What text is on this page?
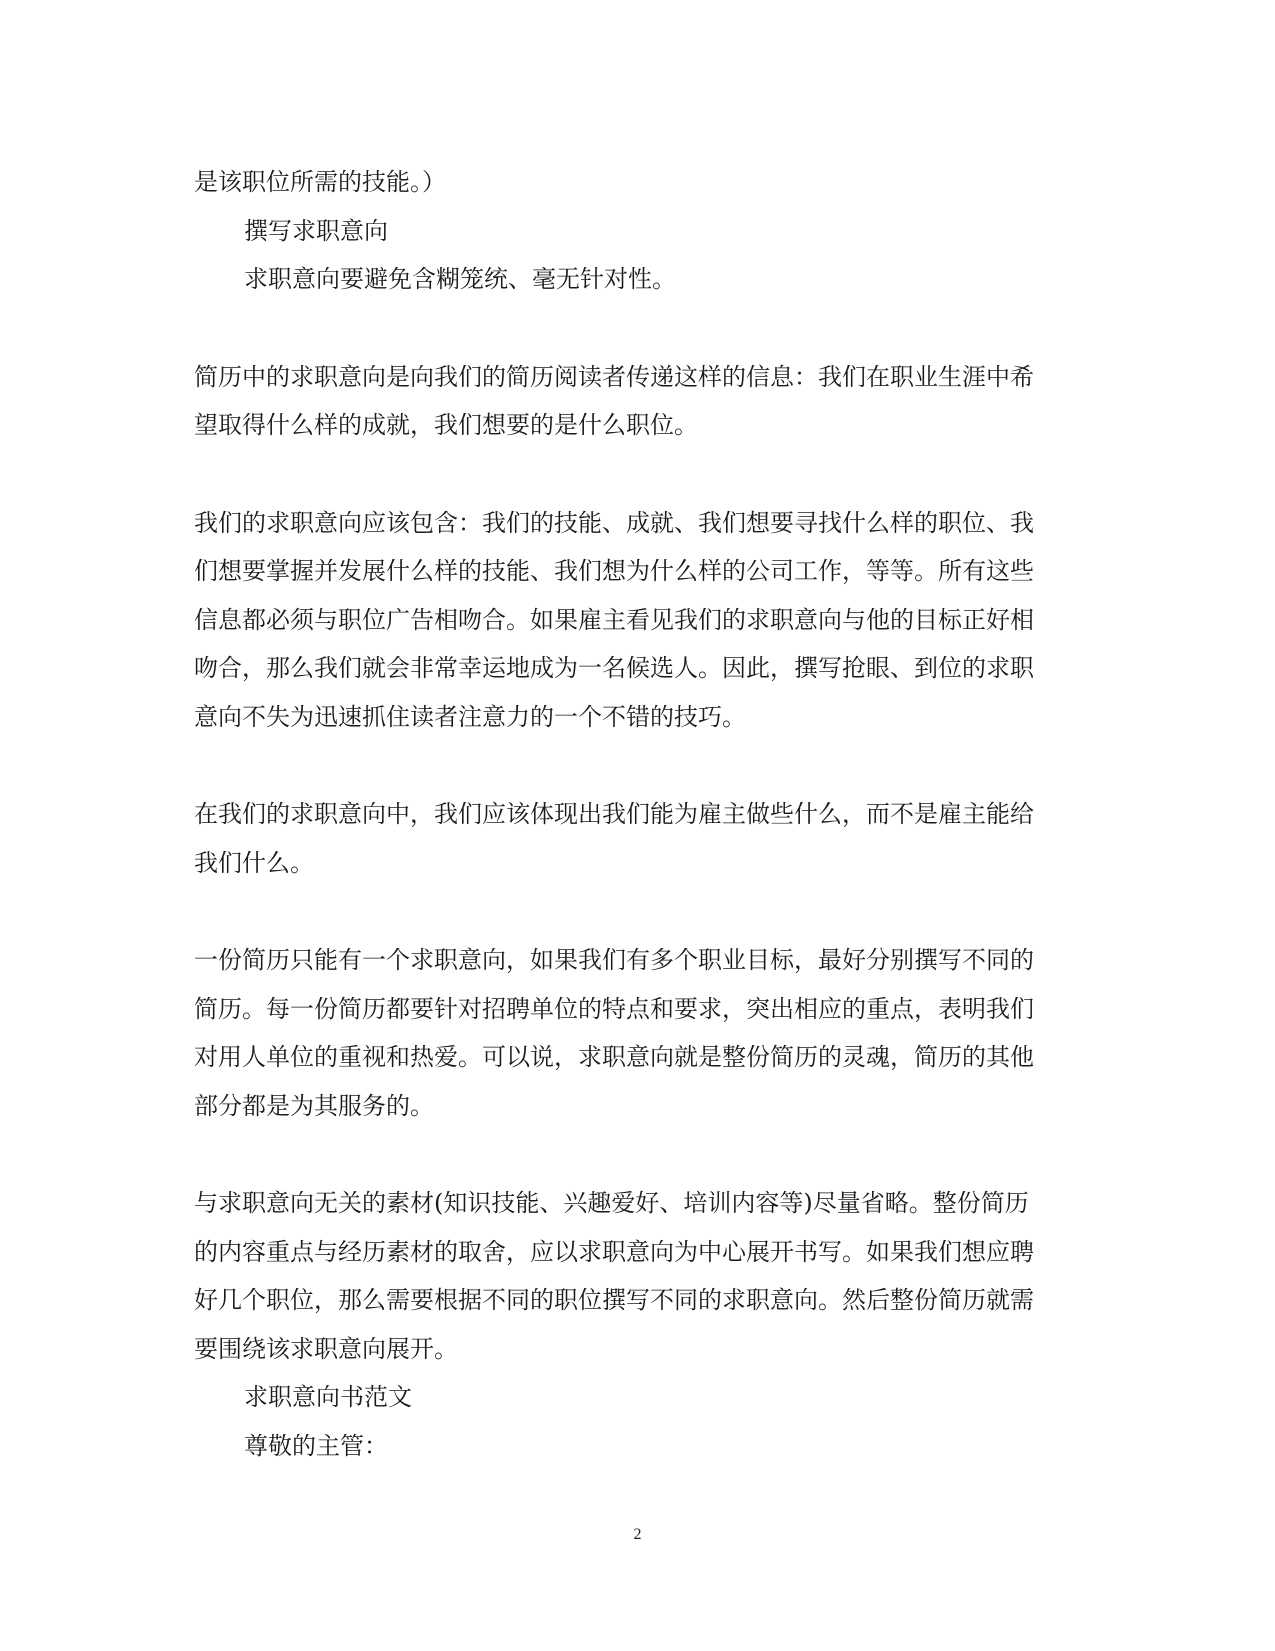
是该职位所需的技能。）

撰写求职意向

求职意向要避免含糊笼统、毫无针对性。

简历中的求职意向是向我们的简历阅读者传递这样的信息：我们在职业生涯中希

望取得什么样的成就，我们想要的是什么职位。

我们的求职意向应该包含：我们的技能、成就、我们想要寻找什么样的职位、我

们想要掌握并发展什么样的技能、我们想为什么样的公司工作，等等。所有这些

信息都必须与职位广告相吻合。如果雇主看见我们的求职意向与他的目标正好相

吻合，那么我们就会非常幸运地成为一名候选人。因此，撰写抢眼、到位的求职

意向不失为迅速抓住读者注意力的一个不错的技巧。

在我们的求职意向中，我们应该体现出我们能为雇主做些什么，而不是雇主能给

我们什么。

一份简历只能有一个求职意向，如果我们有多个职业目标，最好分别撰写不同的

简历。每一份简历都要针对招聘单位的特点和要求，突出相应的重点，表明我们

对用人单位的重视和热爱。可以说，求职意向就是整份简历的灵魂，简历的其他

部分都是为其服务的。

与求职意向无关的素材(知识技能、兴趣爱好、培训内容等)尽量省略。整份简历

的内容重点与经历素材的取舍，应以求职意向为中心展开书写。如果我们想应聘

好几个职位，那么需要根据不同的职位撰写不同的求职意向。然后整份简历就需

要围绕该求职意向展开。

求职意向书范文

尊敬的主管：

2
